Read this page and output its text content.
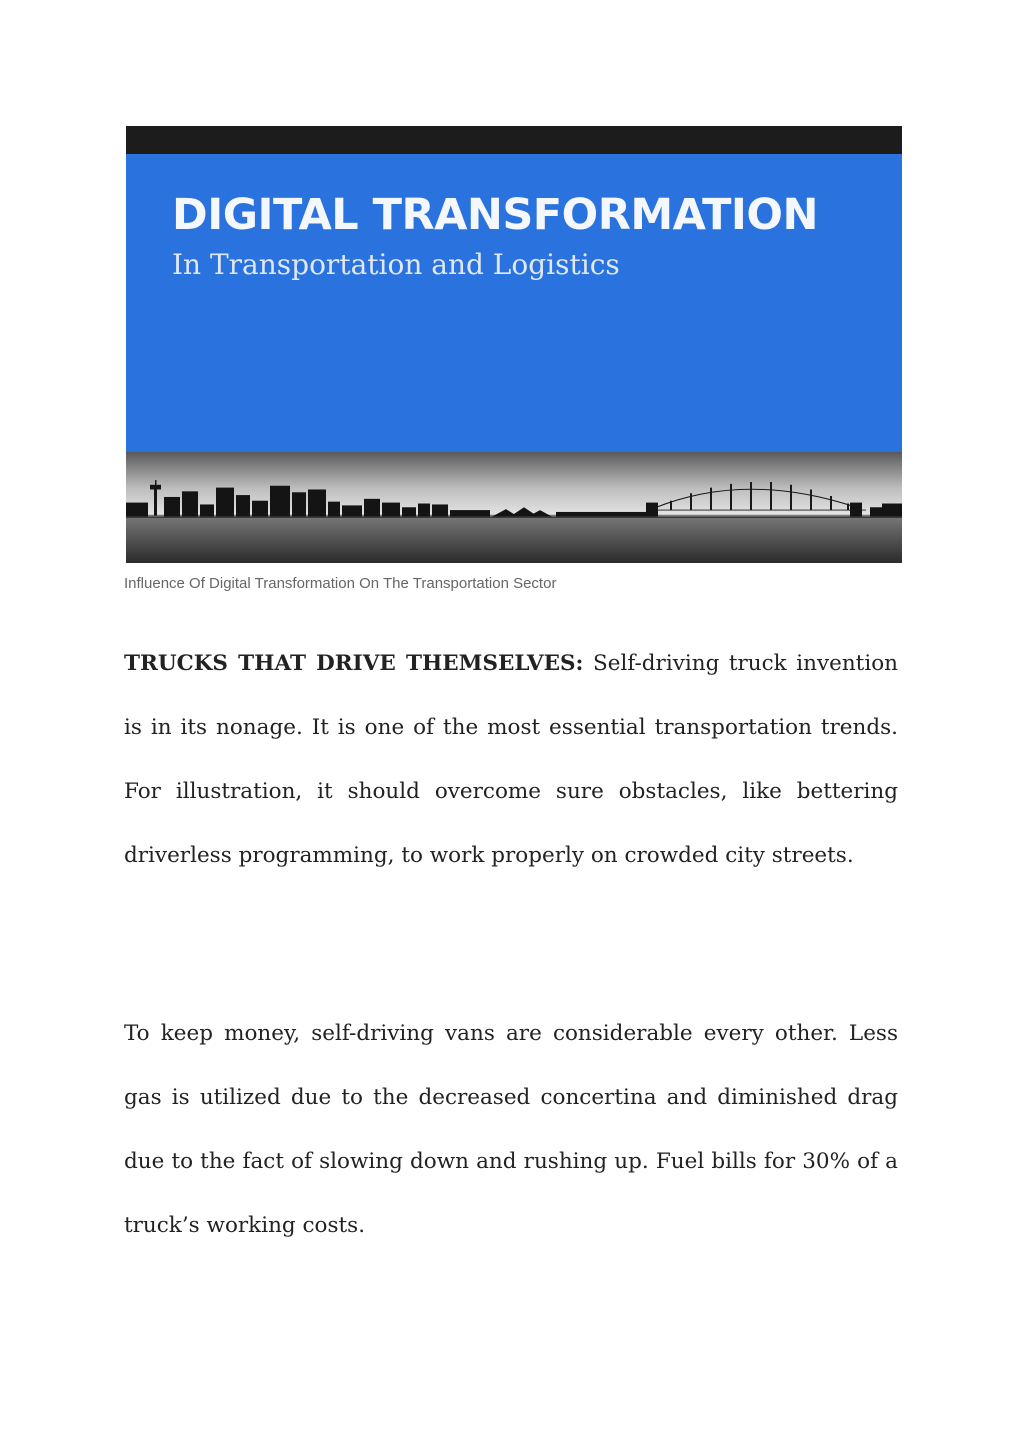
DIGITAL TRANSFORMATION
In Transportation and Logistics
Influence Of Digital Transformation On The Transportation Sector

TRUCKS THAT DRIVE THEMSELVES: Self-driving truck invention is in its nonage. It is one of the most essential transportation trends. For illustration, it should overcome sure obstacles, like bettering driverless programming, to work properly on crowded city streets.

To keep money, self-driving vans are considerable every other. Less gas is utilized due to the decreased concertina and diminished drag due to the fact of slowing down and rushing up. Fuel bills for 30% of a truck’s working costs.
